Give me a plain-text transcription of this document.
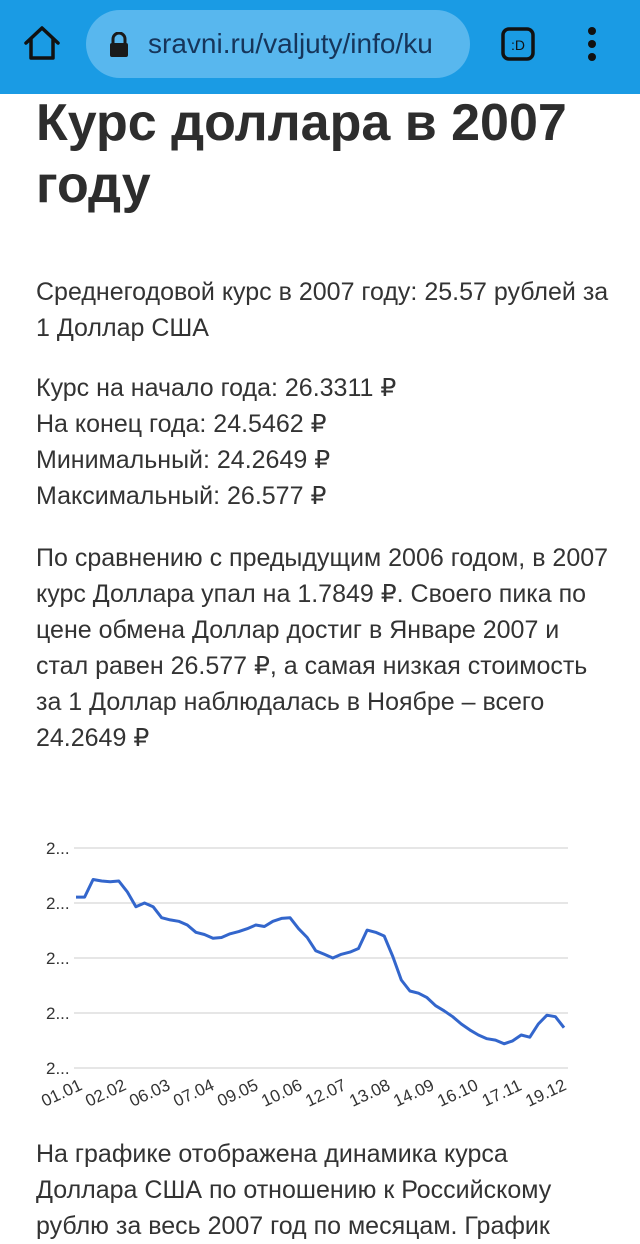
sravni.ru/valjuty/info/ku	:D
Курс доллара в 2007 году

Среднегодовой курс в 2007 году: 25.57 рублей за 1 Доллар США

Курс на начало года: 26.3311 ₽
На конец года: 24.5462 ₽
Минимальный: 24.2649 ₽
Максимальный: 26.577 ₽

По сравнению с предыдущим 2006 годом, в 2007 курс Доллара упал на 1.7849 ₽. Своего пика по цене обмена Доллар достиг в Январе 2007 и стал равен 26.577 ₽, а самая низкая стоимость за 1 Доллар наблюдалась в Ноябре – всего 24.2649 ₽

2...
2...
2...
2...
2...
01.01
02.02
06.03
07.04
09.05
10.06
12.07
13.08
14.09
16.10
17.11
19.12

На графике отображена динамика курса Доллара США по отношению к Российскому рублю за весь 2007 год по месяцам. График
